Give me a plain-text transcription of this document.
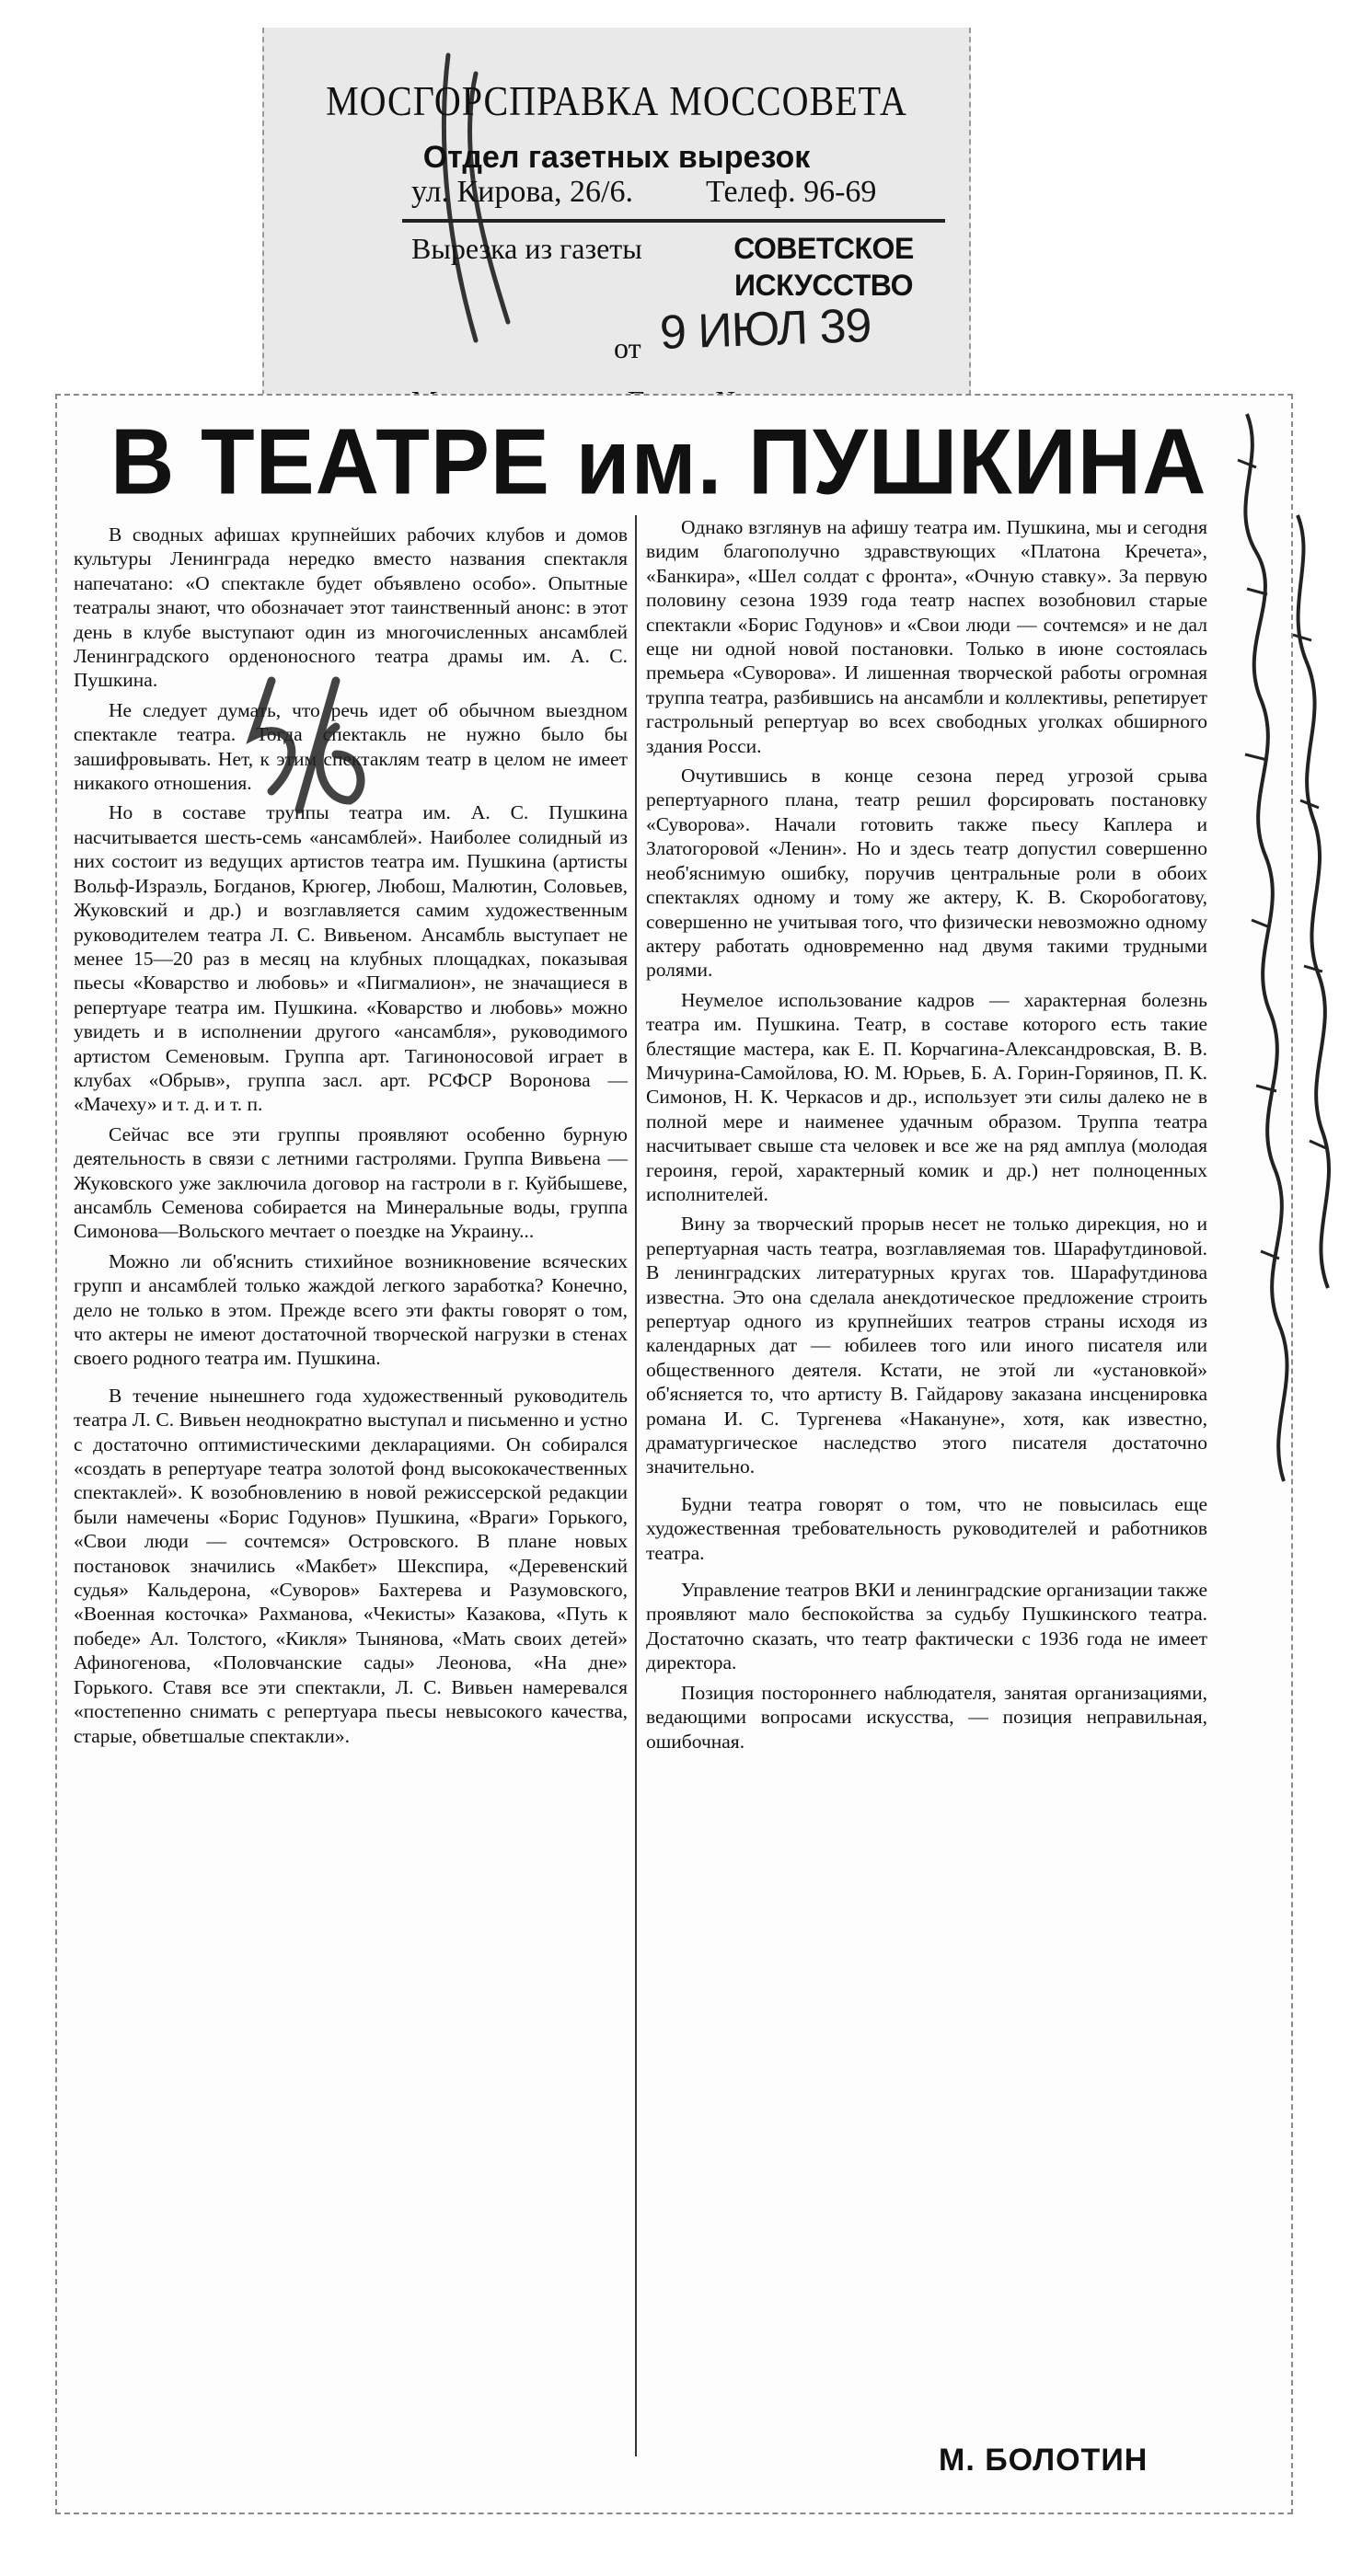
МОСГОРСПРАВКА МОССОВЕТА
Отдел газетных вырезок
ул. Кирова, 26/6. Телеф. 96-69
Вырезка из газеты	СОВЕТСКОЕ
ИСКУССТВО
от 9 ИЮЛ 39
В ТЕАТРЕ им. ПУШКИНА

В сводных афишах крупнейших рабочих клубов и домов культуры Ленинграда нередко вместо названия спектакля напечатано: «О спектакле будет объявлено особо». Опытные театралы знают, что обозначает этот таинственный анонс: в этот день в клубе выступают один из многочисленных ансамблей Ленинградского орденоносного театра драмы им. А. С. Пушкина.

Не следует думать, что речь идет об обычном выездном спектакле театра. Тогда спектакль не нужно было бы зашифровывать. Нет, к этим спектаклям театр в целом не имеет никакого отношения.

Но в составе труппы театра им. А. С. Пушкина насчитывается шесть-семь «ансамблей». Наиболее солидный из них состоит из ведущих артистов театра им. Пушкина (артисты Вольф-Израэль, Богданов, Крюгер, Любош, Малютин, Соловьев, Жуковский и др.) и возглавляется самим художественным руководителем театра Л. С. Вивьеном. Ансамбль выступает не менее 15—20 раз в месяц на клубных площадках, показывая пьесы «Коварство и любовь» и «Пигмалион», не значащиеся в репертуаре театра им. Пушкина. «Коварство и любовь» можно увидеть и в исполнении другого «ансамбля», руководимого артистом Семеновым. Группа арт. Тагиноносовой играет в клубах «Обрыв», группа засл. арт. РСФСР Воронова — «Мачеху» и т. д. и т. п.

Сейчас все эти группы проявляют особенно бурную деятельность в связи с летними гастролями. Группа Вивьена — Жуковского уже заключила договор на гастроли в г. Куйбышеве, ансамбль Семенова собирается на Минеральные воды, группа Симонова—Вольского мечтает о поездке на Украину...

Можно ли об'яснить стихийное возникновение всяческих групп и ансамблей только жаждой легкого заработка? Конечно, дело не только в этом. Прежде всего эти факты говорят о том, что актеры не имеют достаточной творческой нагрузки в стенах своего родного театра им. Пушкина.

В течение нынешнего года художественный руководитель театра Л. С. Вивьен неоднократно выступал и письменно и устно с достаточно оптимистическими декларациями. Он собирался «создать в репертуаре театра золотой фонд высококачественных спектаклей». К возобновлению в новой режиссерской редакции были намечены «Борис Годунов» Пушкина, «Враги» Горького, «Свои люди — сочтемся» Островского. В плане новых постановок значились «Макбет» Шекспира, «Деревенский судья» Кальдерона, «Суворов» Бахтерева и Разумовского, «Военная косточка» Рахманова, «Чекисты» Казакова, «Путь к победе» Ал. Толстого, «Кикля» Тынянова, «Мать своих детей» Афиногенова, «Половчанские сады» Леонова, «На дне» Горького. Ставя все эти спектакли, Л. С. Вивьен намеревался «постепенно снимать с репертуара пьесы невысокого качества, старые, обветшалые спектакли».

Однако взглянув на афишу театра им. Пушкина, мы и сегодня видим благополучно здравствующих «Платона Кречета», «Банкира», «Шел солдат с фронта», «Очную ставку». За первую половину сезона 1939 года театр наспех возобновил старые спектакли «Борис Годунов» и «Свои люди — сочтемся» и не дал еще ни одной новой постановки. Только в июне состоялась премьера «Суворова». И лишенная творческой работы огромная труппа театра, разбившись на ансамбли и коллективы, репетирует гастрольный репертуар во всех свободных уголках обширного здания Росси.

Очутившись в конце сезона перед угрозой срыва репертуарного плана, театр решил форсировать постановку «Суворова». Начали готовить также пьесу Каплера и Златогоровой «Ленин». Но и здесь театр допустил совершенно необ'яснимую ошибку, поручив центральные роли в обоих спектаклях одному и тому же актеру, К. В. Скоробогатову, совершенно не учитывая того, что физически невозможно одному актеру работать одновременно над двумя такими трудными ролями.

Неумелое использование кадров — характерная болезнь театра им. Пушкина. Театр, в составе которого есть такие блестящие мастера, как Е. П. Корчагина-Александровская, В. В. Мичурина-Самойлова, Ю. М. Юрьев, Б. А. Горин-Горяинов, П. К. Симонов, Н. К. Черкасов и др., использует эти силы далеко не в полной мере и наименее удачным образом. Труппа театра насчитывает свыше ста человек и все же на ряд амплуа (молодая героиня, герой, характерный комик и др.) нет полноценных исполнителей.

Вину за творческий прорыв несет не только дирекция, но и репертуарная часть театра, возглавляемая тов. Шарафутдиновой. В ленинградских литературных кругах тов. Шарафутдинова известна. Это она сделала анекдотическое предложение строить репертуар одного из крупнейших театров страны исходя из календарных дат — юбилеев того или иного писателя или общественного деятеля. Кстати, не этой ли «установкой» об'ясняется то, что артисту В. Гайдарову заказана инсценировка романа И. С. Тургенева «Накануне», хотя, как известно, драматургическое наследство этого писателя достаточно значительно.

Будни театра говорят о том, что не повысилась еще художественная требовательность руководителей и работников театра.

Управление театров ВКИ и ленинградские организации также проявляют мало беспокойства за судьбу Пушкинского театра. Достаточно сказать, что театр фактически с 1936 года не имеет директора.

Позиция постороннего наблюдателя, занятая организациями, ведающими вопросами искусства, — позиция неправильная, ошибочная.

М. БОЛОТИН
